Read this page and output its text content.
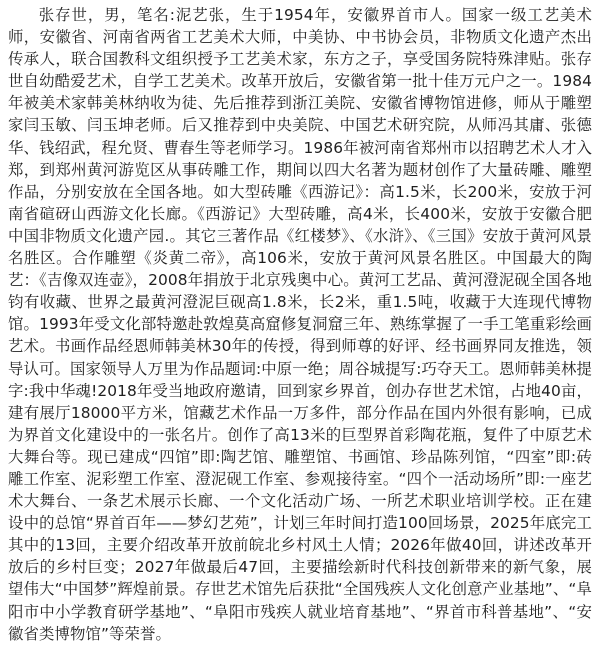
张存世，男，笔名:泥艺张，生于1954年，安徽界首市人。国家一级工艺美术师，安徽省、河南省两省工艺美术大师，中美协、中书协会员，非物质文化遗产杰出传承人，联合国教科文组织授予工艺美术家，东方之子，享受国务院特殊津贴。张存世自幼酷爱艺术，自学工艺美术。改革开放后，安徽省第一批十佳万元户之一。1984年被美术家韩美林纳收为徒、先后推荐到浙江美院、安徽省博物馆进修，师从于雕塑家闫玉敏、闫玉坤老师。后又推荐到中央美院、中国艺术研究院，从师冯其庸、张德华、钱绍武，程允贤、曹春生等老师学习。1986年被河南省郑州市以招聘艺术人才入郑，到郑州黄河游览区从事砖雕工作，期间以四大名著为题材创作了大量砖雕、雕塑作品，分别安放在全国各地。如大型砖雕《西游记》：高1.5米，长200米，安放于河南省碹砑山西游文化长廊。《西游记》大型砖雕，高4米，长400米，安放于安徽合肥中国非物质文化遗产园.。其它三著作品《红楼梦》、《水浒》、《三国》安放于黄河风景名胜区。合作雕塑《炎黄二帝》，高106米，安放于黄河风景名胜区。中国最大的陶艺：《吉像双连壶》，2008年捐放于北京残奥中心。黄河工艺品、黄河澄泥砚全国各地钧有收藏、世界之最黄河澄泥巨砚高1.8米，长2米，重1.5吨，收藏于大连现代博物馆。1993年受文化部特邀赴敦煌莫高窟修复洞窟三年、熟练掌握了一手工笔重彩绘画艺术。书画作品经恩师韩美林30年的传授，得到师尊的好评、经书画界同友推选，领导认可。国家领导人万里为作品题词:中原一绝；周谷城提写:巧夺天工。恩师韩美林提字:我中华魂!2018年受当地政府邀请，回到家乡界首，创办存世艺术馆，占地40亩，建有展厅18000平方米，馆藏艺术作品一万多件，部分作品在国内外很有影响，已成为界首文化建设中的一张名片。创作了高13米的巨型界首彩陶花瓶，复件了中原艺术大舞台等。现已建成“四馆”即:陶艺馆、雕塑馆、书画馆、珍品陈列馆，“四室”即:砖雕工作室、泥彩塑工作室、澄泥砚工作室、参观接待室。“四个一活动场所”即:一座艺术大舞台、一条艺术展示长廊、一个文化活动广场、一所艺术职业培训学校。正在建设中的总馆“界首百年——梦幻艺苑”，计划三年时间打造100回场景，2025年底完工其中的13回，主要介绍改革开放前皖北乡村风土人情；2026年做40回，讲述改革开放后的乡村巨变；2027年做最后47回，主要描绘新时代科技创新带来的新气象，展望伟大“中国梦”辉煌前景。存世艺术馆先后获批“全国残疾人文化创意产业基地”、“阜阳市中小学教育研学基地”、“阜阳市残疾人就业培育基地”、“界首市科普基地”、“安徽省类博物馆”等荣誉。
